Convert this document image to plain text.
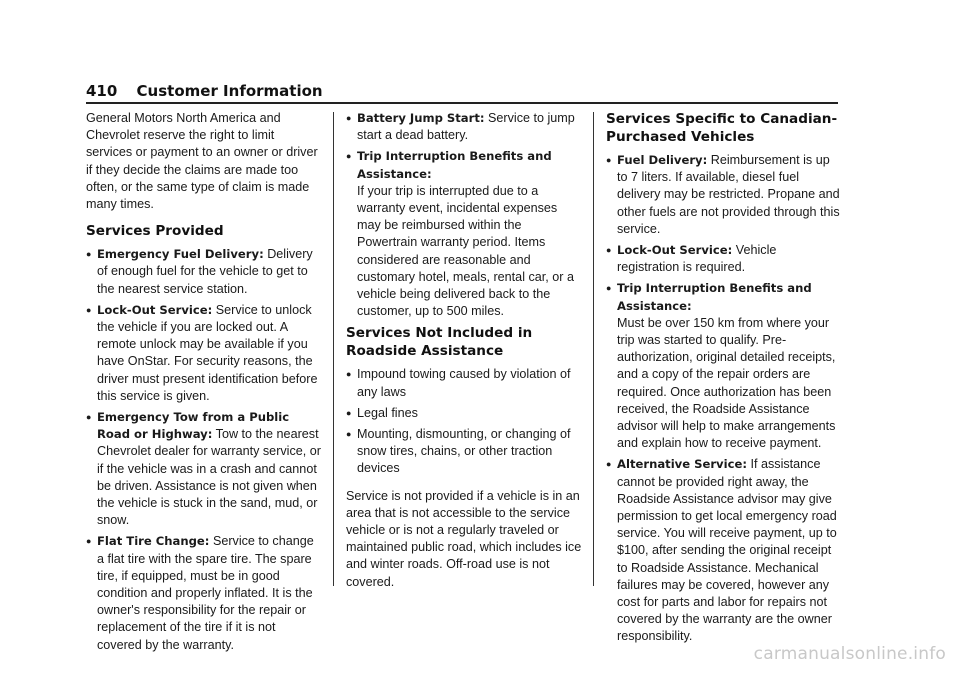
410 Customer Information

General Motors North America and Chevrolet reserve the right to limit services or payment to an owner or driver if they decide the claims are made too often, or the same type of claim is made many times.

Services Provided
● Emergency Fuel Delivery: Delivery of enough fuel for the vehicle to get to the nearest service station.
● Lock-Out Service: Service to unlock the vehicle if you are locked out. A remote unlock may be available if you have OnStar. For security reasons, the driver must present identification before this service is given.
● Emergency Tow from a Public Road or Highway: Tow to the nearest Chevrolet dealer for warranty service, or if the vehicle was in a crash and cannot be driven. Assistance is not given when the vehicle is stuck in the sand, mud, or snow.
● Flat Tire Change: Service to change a flat tire with the spare tire. The spare tire, if equipped, must be in good condition and properly inflated. It is the owner's responsibility for the repair or replacement of the tire if it is not covered by the warranty.
● Battery Jump Start: Service to jump start a dead battery.
● Trip Interruption Benefits and Assistance:
If your trip is interrupted due to a warranty event, incidental expenses may be reimbursed within the Powertrain warranty period. Items considered are reasonable and customary hotel, meals, rental car, or a vehicle being delivered back to the customer, up to 500 miles.
Services Not Included in Roadside Assistance
● Impound towing caused by violation of any laws
● Legal fines
● Mounting, dismounting, or changing of snow tires, chains, or other traction devices

Service is not provided if a vehicle is in an area that is not accessible to the service vehicle or is not a regularly traveled or maintained public road, which includes ice and winter roads. Off-road use is not covered.

Services Specific to Canadian-Purchased Vehicles
● Fuel Delivery: Reimbursement is up to 7 liters. If available, diesel fuel delivery may be restricted. Propane and other fuels are not provided through this service.
● Lock-Out Service: Vehicle registration is required.
● Trip Interruption Benefits and Assistance:
Must be over 150 km from where your trip was started to qualify. Pre-authorization, original detailed receipts, and a copy of the repair orders are required. Once authorization has been received, the Roadside Assistance advisor will help to make arrangements and explain how to receive payment.
● Alternative Service: If assistance cannot be provided right away, the Roadside Assistance advisor may give permission to get local emergency road service. You will receive payment, up to $100, after sending the original receipt to Roadside Assistance. Mechanical failures may be covered, however any cost for parts and labor for repairs not covered by the warranty are the owner responsibility.
carmanualsonline.info
